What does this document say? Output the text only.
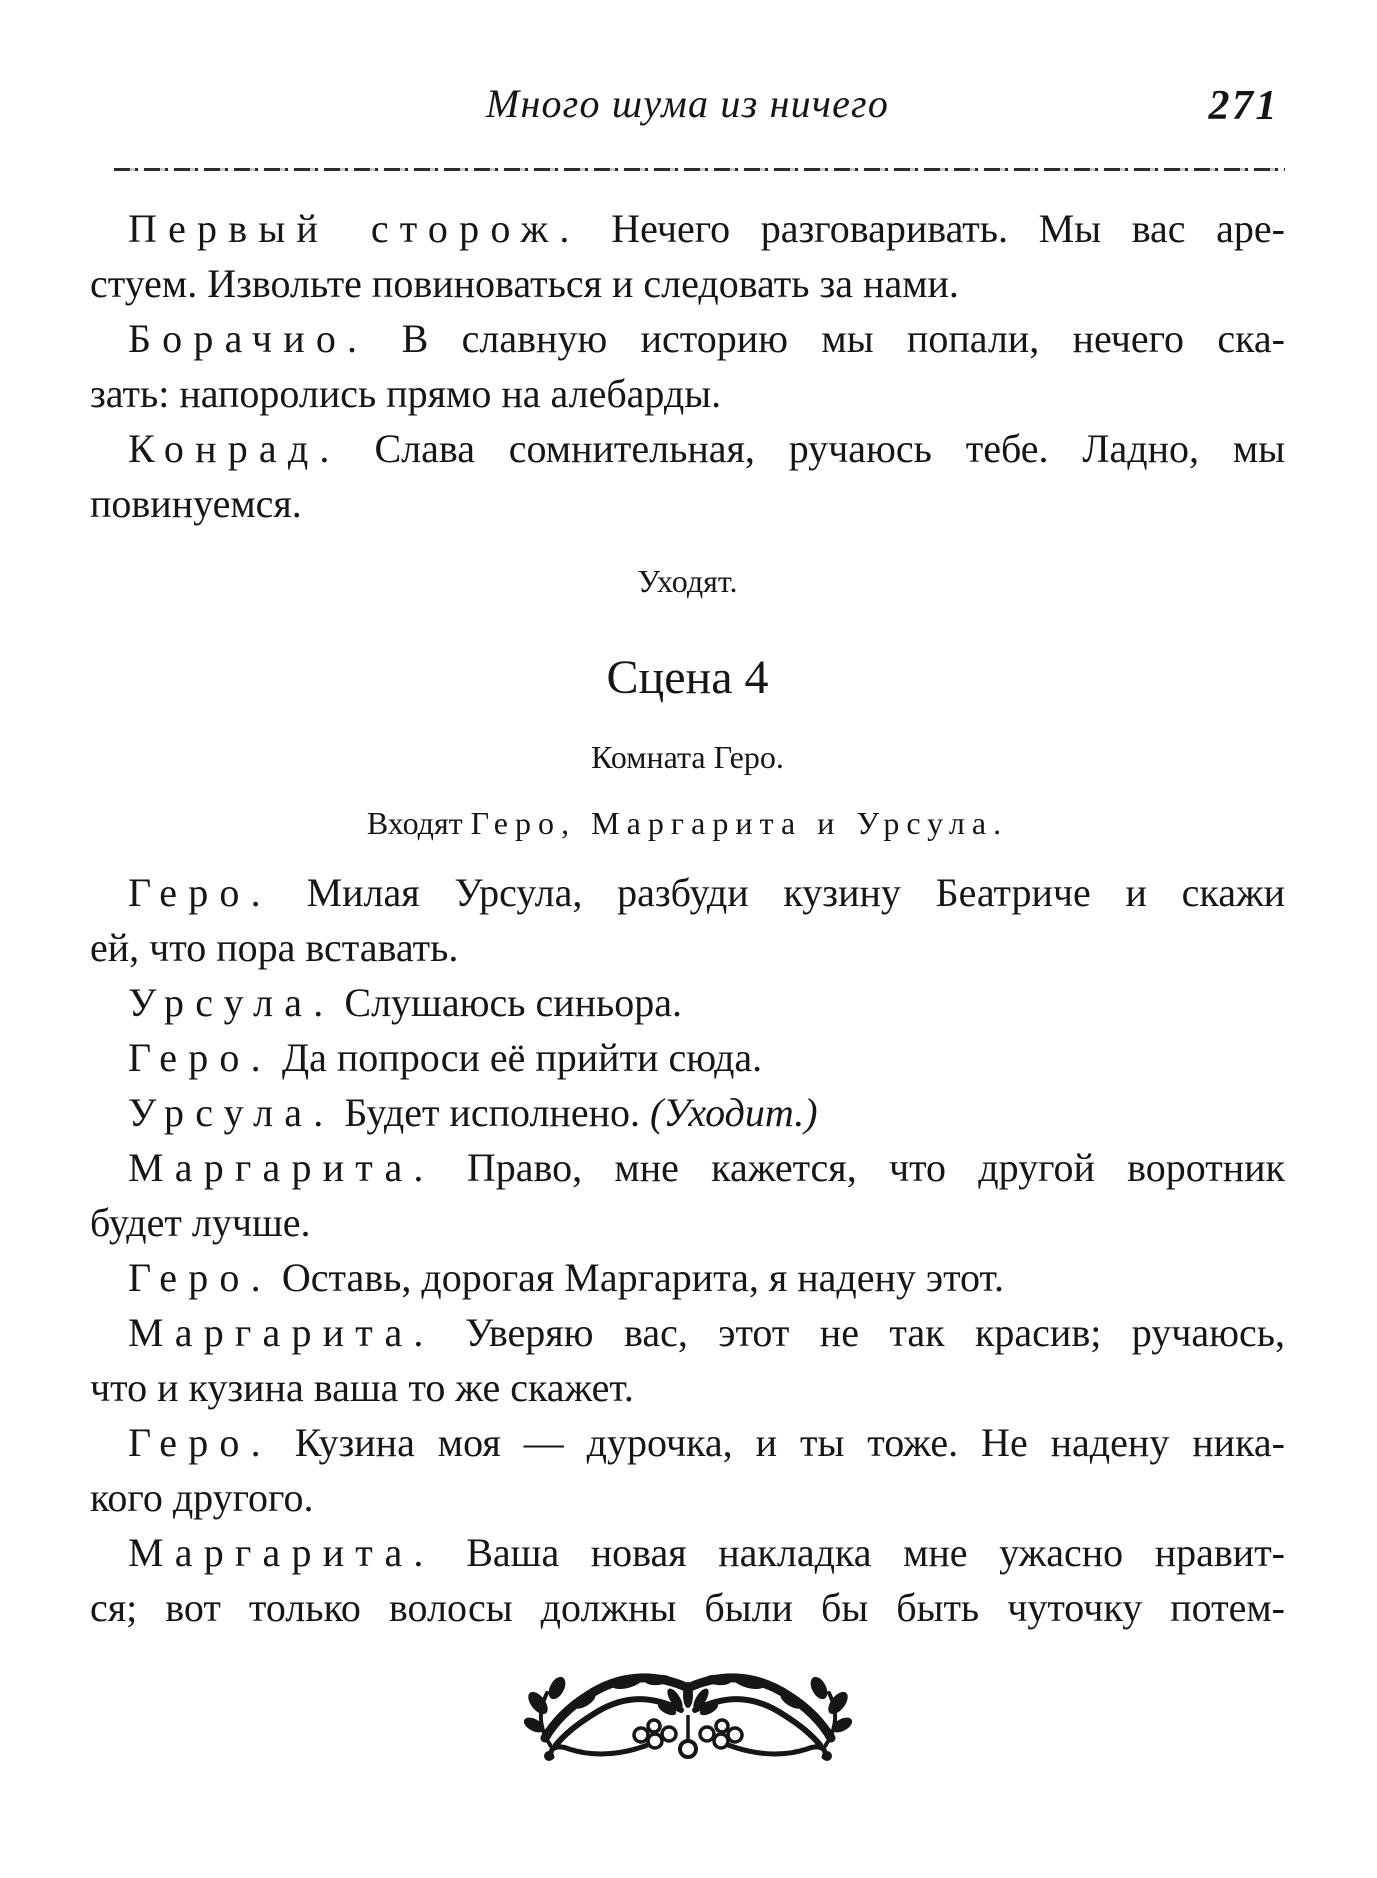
Много шума из ничего	271
Первый сторож. Нечего разговаривать. Мы вас аре-
стуем. Извольте повиноваться и следовать за нами.
Борачио. В славную историю мы попали, нечего ска-
зать: напоролись прямо на алебарды.
Конрад. Слава сомнительная, ручаюсь тебе. Ладно, мы
повинуемся.
Уходят.
Сцена 4
Комната Геро.
Входят Геро, Маргарита и Урсула.
Геро. Милая Урсула, разбуди кузину Беатриче и скажи
ей, что пора вставать.
Урсула. Слушаюсь синьора.
Геро. Да попроси её прийти сюда.
Урсула. Будет исполнено. (Уходит.)
Маргарита. Право, мне кажется, что другой воротник
будет лучше.
Геро. Оставь, дорогая Маргарита, я надену этот.
Маргарита. Уверяю вас, этот не так красив; ручаюсь,
что и кузина ваша то же скажет.
Геро. Кузина моя — дурочка, и ты тоже. Не надену ника-
кого другого.
Маргарита. Ваша новая накладка мне ужасно нравит-
ся; вот только волосы должны были бы быть чуточку потем-
